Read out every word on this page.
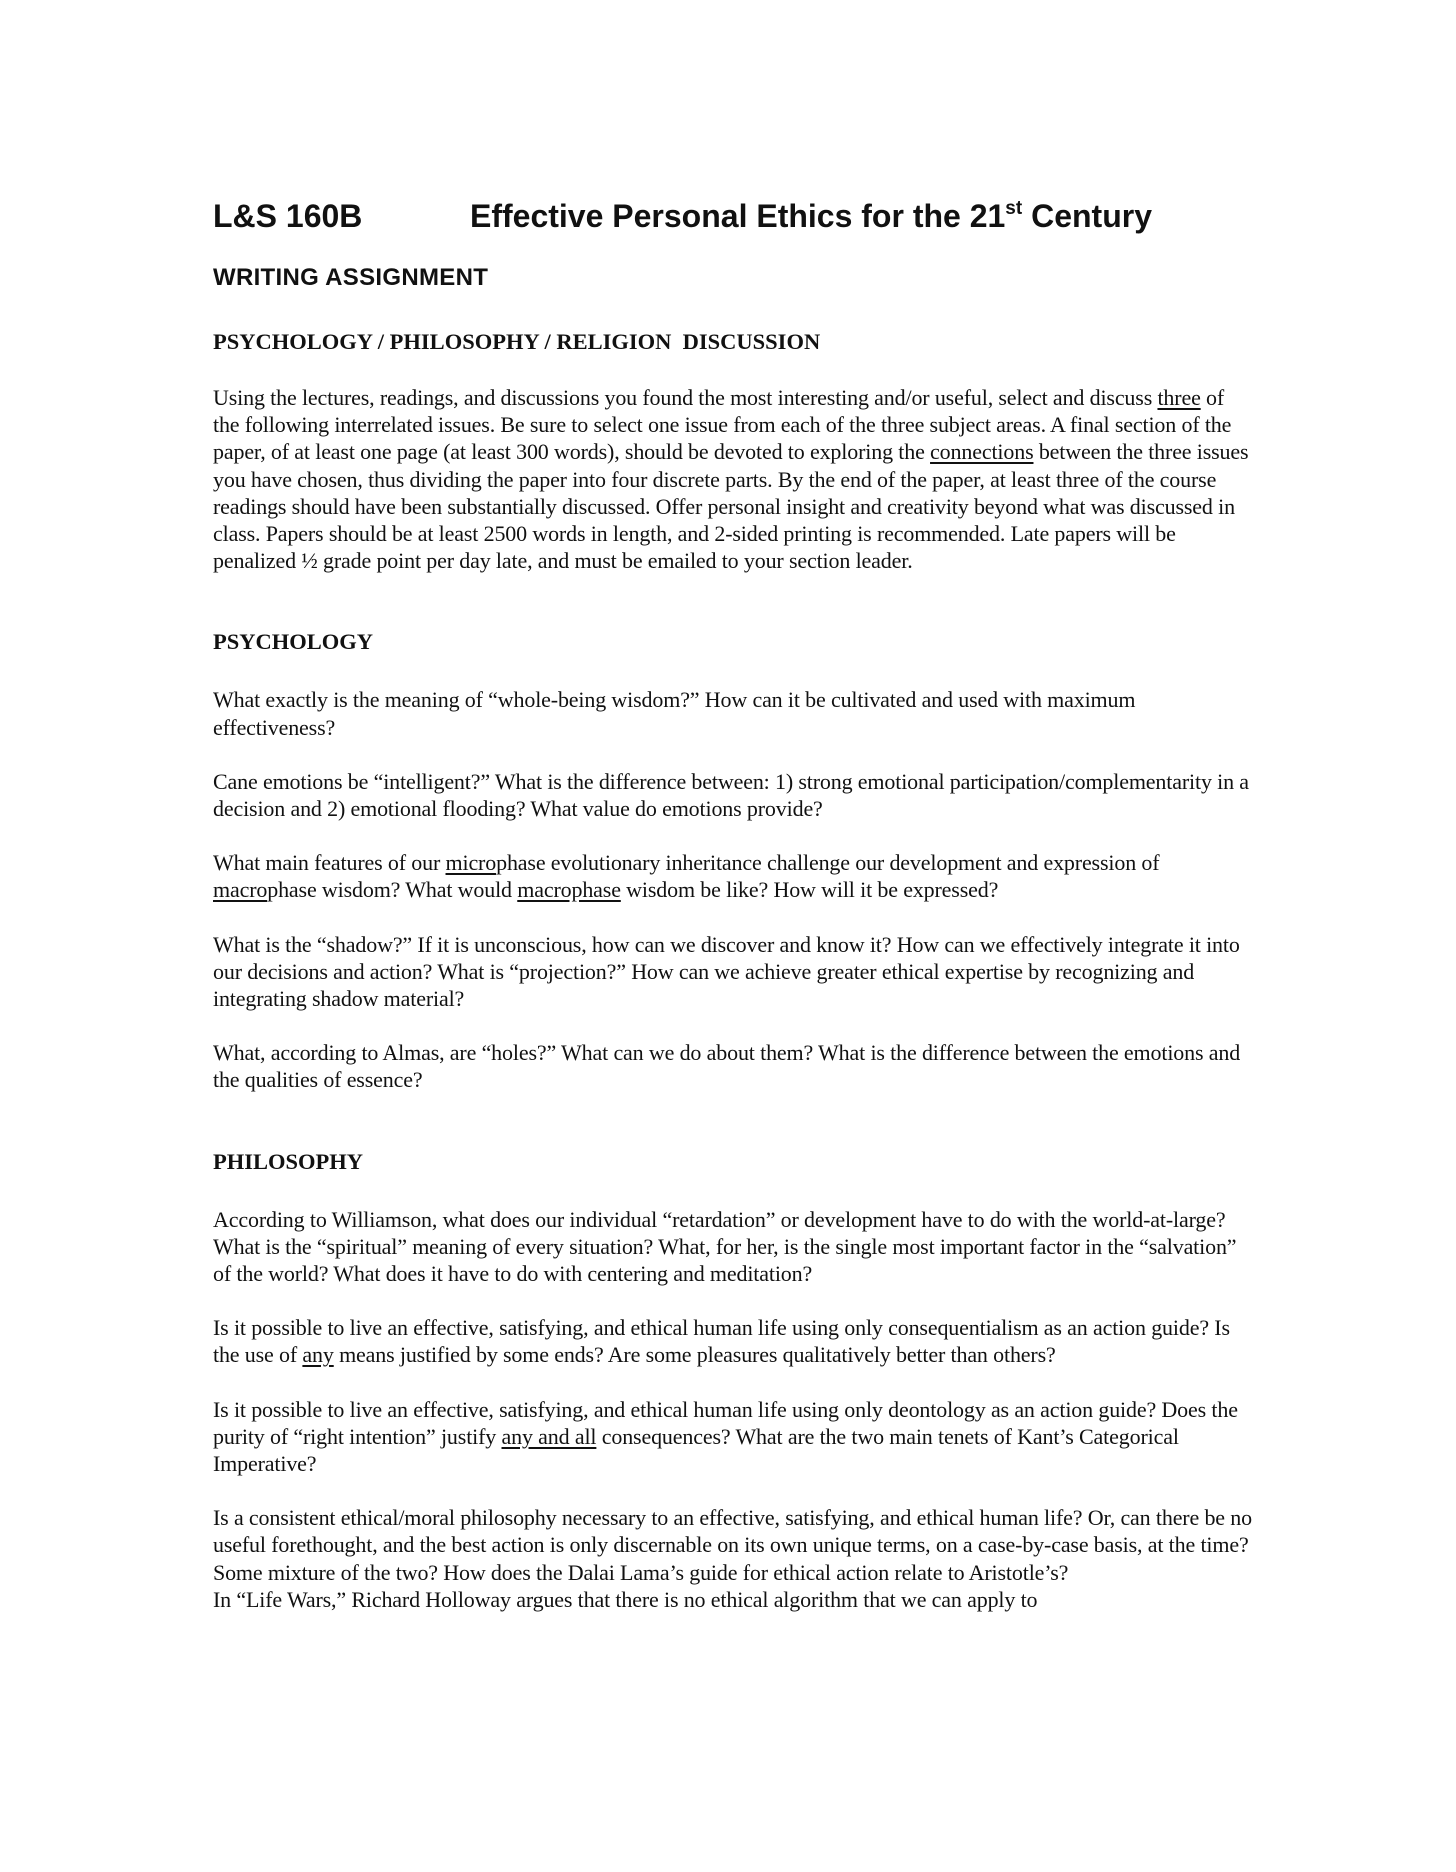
L&S 160B	Effective Personal Ethics for the 21st Century
WRITING ASSIGNMENT
PSYCHOLOGY / PHILOSOPHY / RELIGION  DISCUSSION

Using the lectures, readings, and discussions you found the most interesting and/or useful, select and discuss three of the following interrelated issues. Be sure to select one issue from each of the three subject areas. A final section of the paper, of at least one page (at least 300 words), should be devoted to exploring the connections between the three issues you have chosen, thus dividing the paper into four discrete parts. By the end of the paper, at least three of the course readings should have been substantially discussed. Offer personal insight and creativity beyond what was discussed in class. Papers should be at least 2500 words in length, and 2-sided printing is recommended. Late papers will be penalized ½ grade point per day late, and must be emailed to your section leader.

PSYCHOLOGY

What exactly is the meaning of “whole-being wisdom?” How can it be cultivated and used with maximum effectiveness?

Cane emotions be “intelligent?” What is the difference between: 1) strong emotional participation/complementarity in a decision and 2) emotional flooding? What value do emotions provide?

What main features of our microphase evolutionary inheritance challenge our development and expression of macrophase wisdom? What would macrophase wisdom be like? How will it be expressed?

What is the “shadow?” If it is unconscious, how can we discover and know it? How can we effectively integrate it into our decisions and action? What is “projection?” How can we achieve greater ethical expertise by recognizing and integrating shadow material?

What, according to Almas, are “holes?” What can we do about them? What is the difference between the emotions and the qualities of essence?

PHILOSOPHY

According to Williamson, what does our individual “retardation” or development have to do with the world-at-large? What is the “spiritual” meaning of every situation? What, for her, is the single most important factor in the “salvation” of the world? What does it have to do with centering and meditation?

Is it possible to live an effective, satisfying, and ethical human life using only consequentialism as an action guide? Is the use of any means justified by some ends? Are some pleasures qualitatively better than others?

Is it possible to live an effective, satisfying, and ethical human life using only deontology as an action guide? Does the purity of “right intention” justify any and all consequences? What are the two main tenets of Kant’s Categorical Imperative?

Is a consistent ethical/moral philosophy necessary to an effective, satisfying, and ethical human life? Or, can there be no useful forethought, and the best action is only discernable on its own unique terms, on a case-by-case basis, at the time? Some mixture of the two? How does the Dalai Lama’s guide for ethical action relate to Aristotle’s?

In “Life Wars,” Richard Holloway argues that there is no ethical algorithm that we can apply to
